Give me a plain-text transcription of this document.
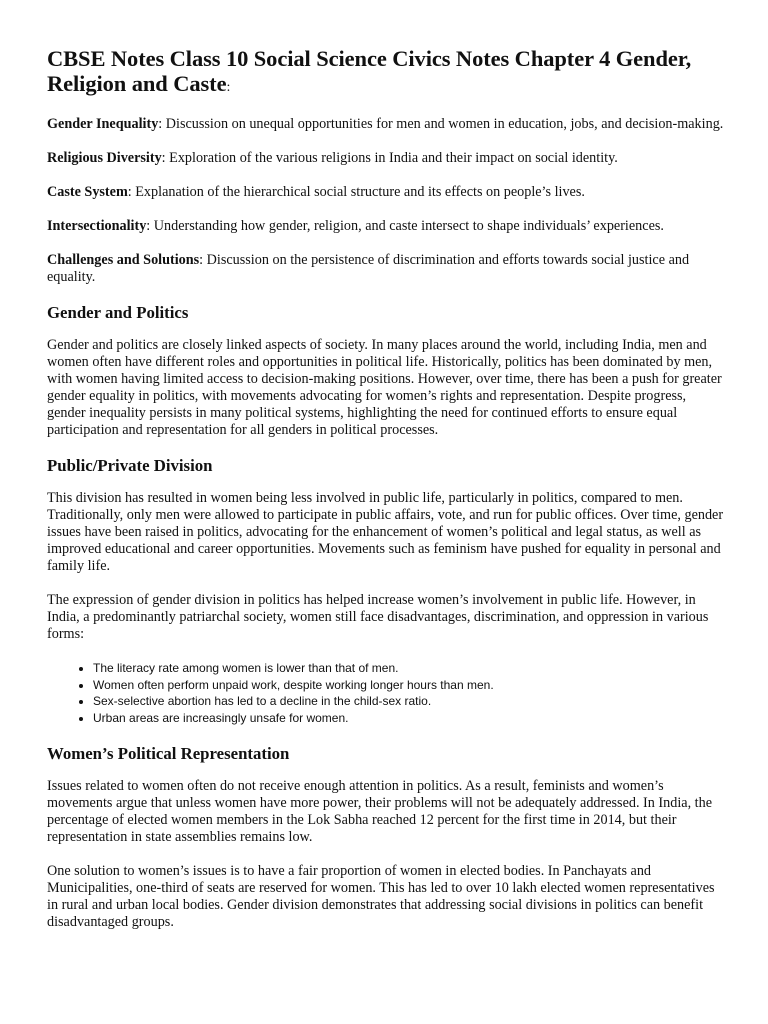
CBSE Notes Class 10 Social Science Civics Notes Chapter 4 Gender, Religion and Caste:

Gender Inequality: Discussion on unequal opportunities for men and women in education, jobs, and decision-making.

Religious Diversity: Exploration of the various religions in India and their impact on social identity.

Caste System: Explanation of the hierarchical social structure and its effects on people’s lives.

Intersectionality: Understanding how gender, religion, and caste intersect to shape individuals’ experiences.

Challenges and Solutions: Discussion on the persistence of discrimination and efforts towards social justice and equality.

Gender and Politics

Gender and politics are closely linked aspects of society. In many places around the world, including India, men and women often have different roles and opportunities in political life. Historically, politics has been dominated by men, with women having limited access to decision-making positions. However, over time, there has been a push for greater gender equality in politics, with movements advocating for women’s rights and representation. Despite progress, gender inequality persists in many political systems, highlighting the need for continued efforts to ensure equal participation and representation for all genders in political processes.

Public/Private Division

This division has resulted in women being less involved in public life, particularly in politics, compared to men. Traditionally, only men were allowed to participate in public affairs, vote, and run for public offices. Over time, gender issues have been raised in politics, advocating for the enhancement of women’s political and legal status, as well as improved educational and career opportunities. Movements such as feminism have pushed for equality in personal and family life.

The expression of gender division in politics has helped increase women’s involvement in public life. However, in India, a predominantly patriarchal society, women still face disadvantages, discrimination, and oppression in various forms:

• The literacy rate among women is lower than that of men.
• Women often perform unpaid work, despite working longer hours than men.
• Sex-selective abortion has led to a decline in the child-sex ratio.
• Urban areas are increasingly unsafe for women.
Women’s Political Representation

Issues related to women often do not receive enough attention in politics. As a result, feminists and women’s movements argue that unless women have more power, their problems will not be adequately addressed. In India, the percentage of elected women members in the Lok Sabha reached 12 percent for the first time in 2014, but their representation in state assemblies remains low.

One solution to women’s issues is to have a fair proportion of women in elected bodies. In Panchayats and Municipalities, one-third of seats are reserved for women. This has led to over 10 lakh elected women representatives in rural and urban local bodies. Gender division demonstrates that addressing social divisions in politics can benefit disadvantaged groups.
